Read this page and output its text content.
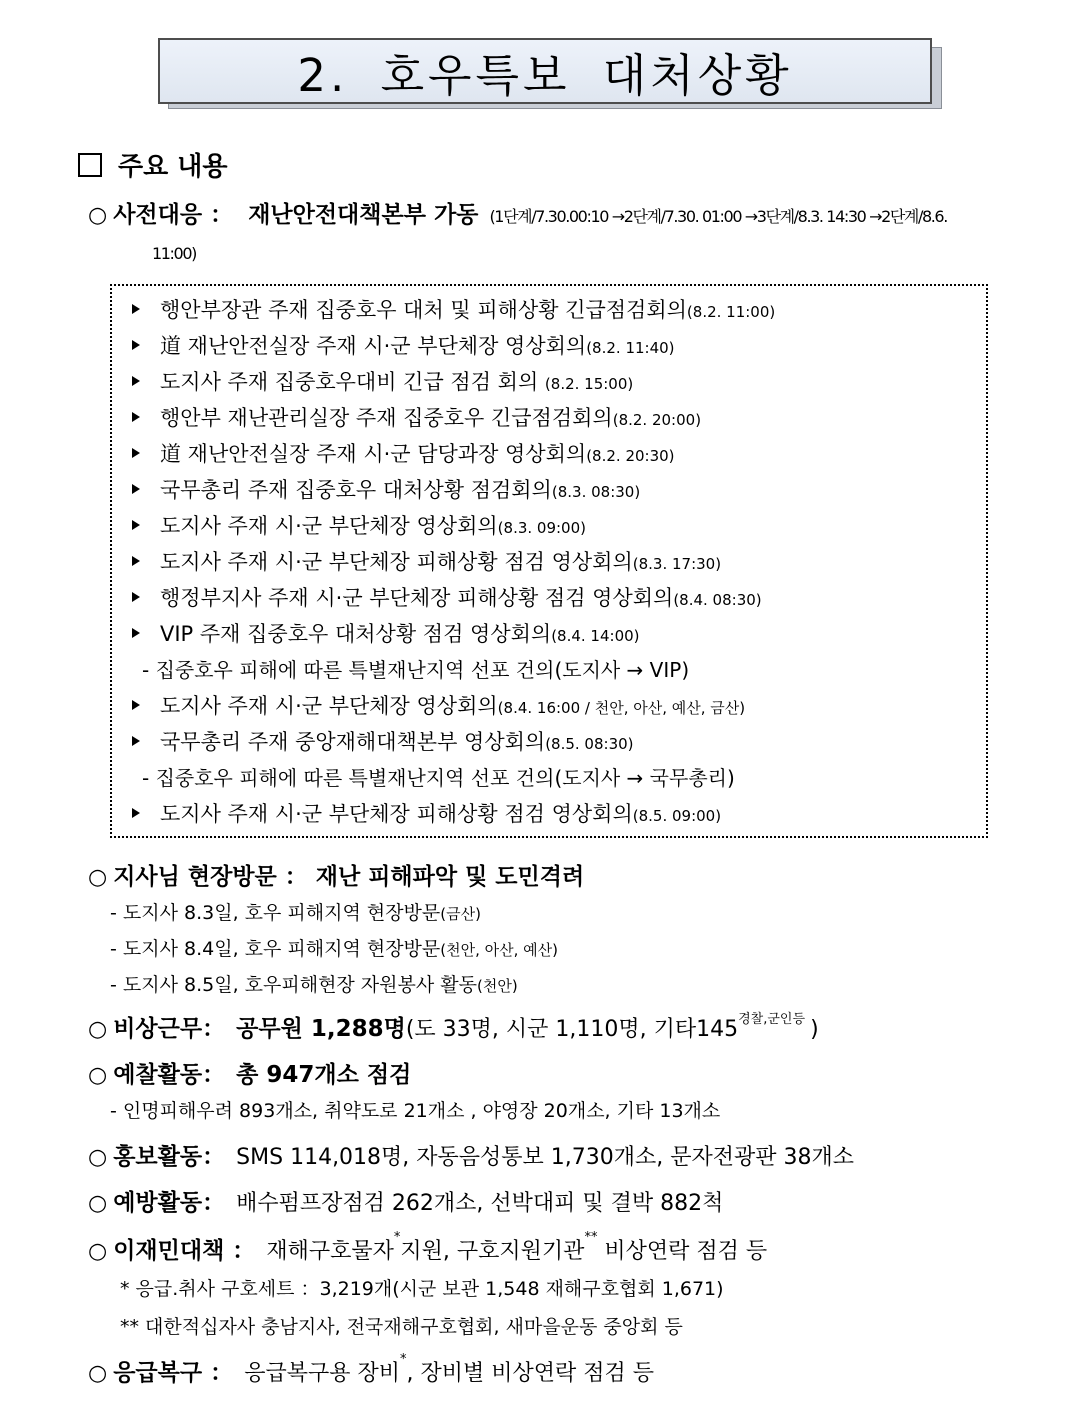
2. 호우특보 대처상황
주요 내용
○ 사전대응 ： 재난안전대책본부 가동 (1단계/7.30.00:10 →2단계/7.30. 01:00 →3단계/8.3. 14:30 →2단계/8.6.
11:00)
행안부장관 주재 집중호우 대처 및 피해상황 긴급점검회의(8.2. 11:00)
道 재난안전실장 주재 시·군 부단체장 영상회의(8.2. 11:40)
도지사 주재 집중호우대비 긴급 점검 회의 (8.2. 15:00)
행안부 재난관리실장 주재 집중호우 긴급점검회의(8.2. 20:00)
道 재난안전실장 주재 시·군 담당과장 영상회의(8.2. 20:30)
국무총리 주재 집중호우 대처상황 점검회의(8.3. 08:30)
도지사 주재 시·군 부단체장 영상회의(8.3. 09:00)
도지사 주재 시·군 부단체장 피해상황 점검 영상회의(8.3. 17:30)
행정부지사 주재 시·군 부단체장 피해상황 점검 영상회의(8.4. 08:30)
VIP 주재 집중호우 대처상황 점검 영상회의(8.4. 14:00)
- 집중호우 피해에 따른 특별재난지역 선포 건의(도지사 → VIP)
도지사 주재 시·군 부단체장 영상회의(8.4. 16:00 / 천안, 아산, 예산, 금산)
국무총리 주재 중앙재해대책본부 영상회의(8.5. 08:30)
- 집중호우 피해에 따른 특별재난지역 선포 건의(도지사 → 국무총리)
도지사 주재 시·군 부단체장 피해상황 점검 영상회의(8.5. 09:00)
○ 지사님 현장방문 ： 재난 피해파악 및 도민격려
- 도지사 8.3일, 호우 피해지역 현장방문(금산)
- 도지사 8.4일, 호우 피해지역 현장방문(천안, 아산, 예산)
- 도지사 8.5일, 호우피해현장 자원봉사 활동(천안)
○ 비상근무： 공무원 1,288명(도 33명, 시군 1,110명, 기타$145^{경찰,군인등}$ )
○ 예찰활동： 총 947개소 점검
- 인명피해우려 893개소, 취약도로 21개소 , 야영장 20개소, 기타 13개소
○ 홍보활동： SMS 114,018명, 자동음성통보 1,730개소, 문자전광판 38개소
○ 예방활동： 배수펌프장점검 262개소, 선박대피 및 결박 882척
○ 이재민대책 ： 재해구호물자*지원, 구호지원기관** 비상연락 점검 등
* 응급.취사 구호세트 ：3,219개(시군 보관 1,548 재해구호협회 1,671)
** 대한적십자사 충남지사, 전국재해구호협회, 새마을운동 중앙회 등
○ 응급복구 ： 응급복구용 장비*, 장비별 비상연락 점검 등
